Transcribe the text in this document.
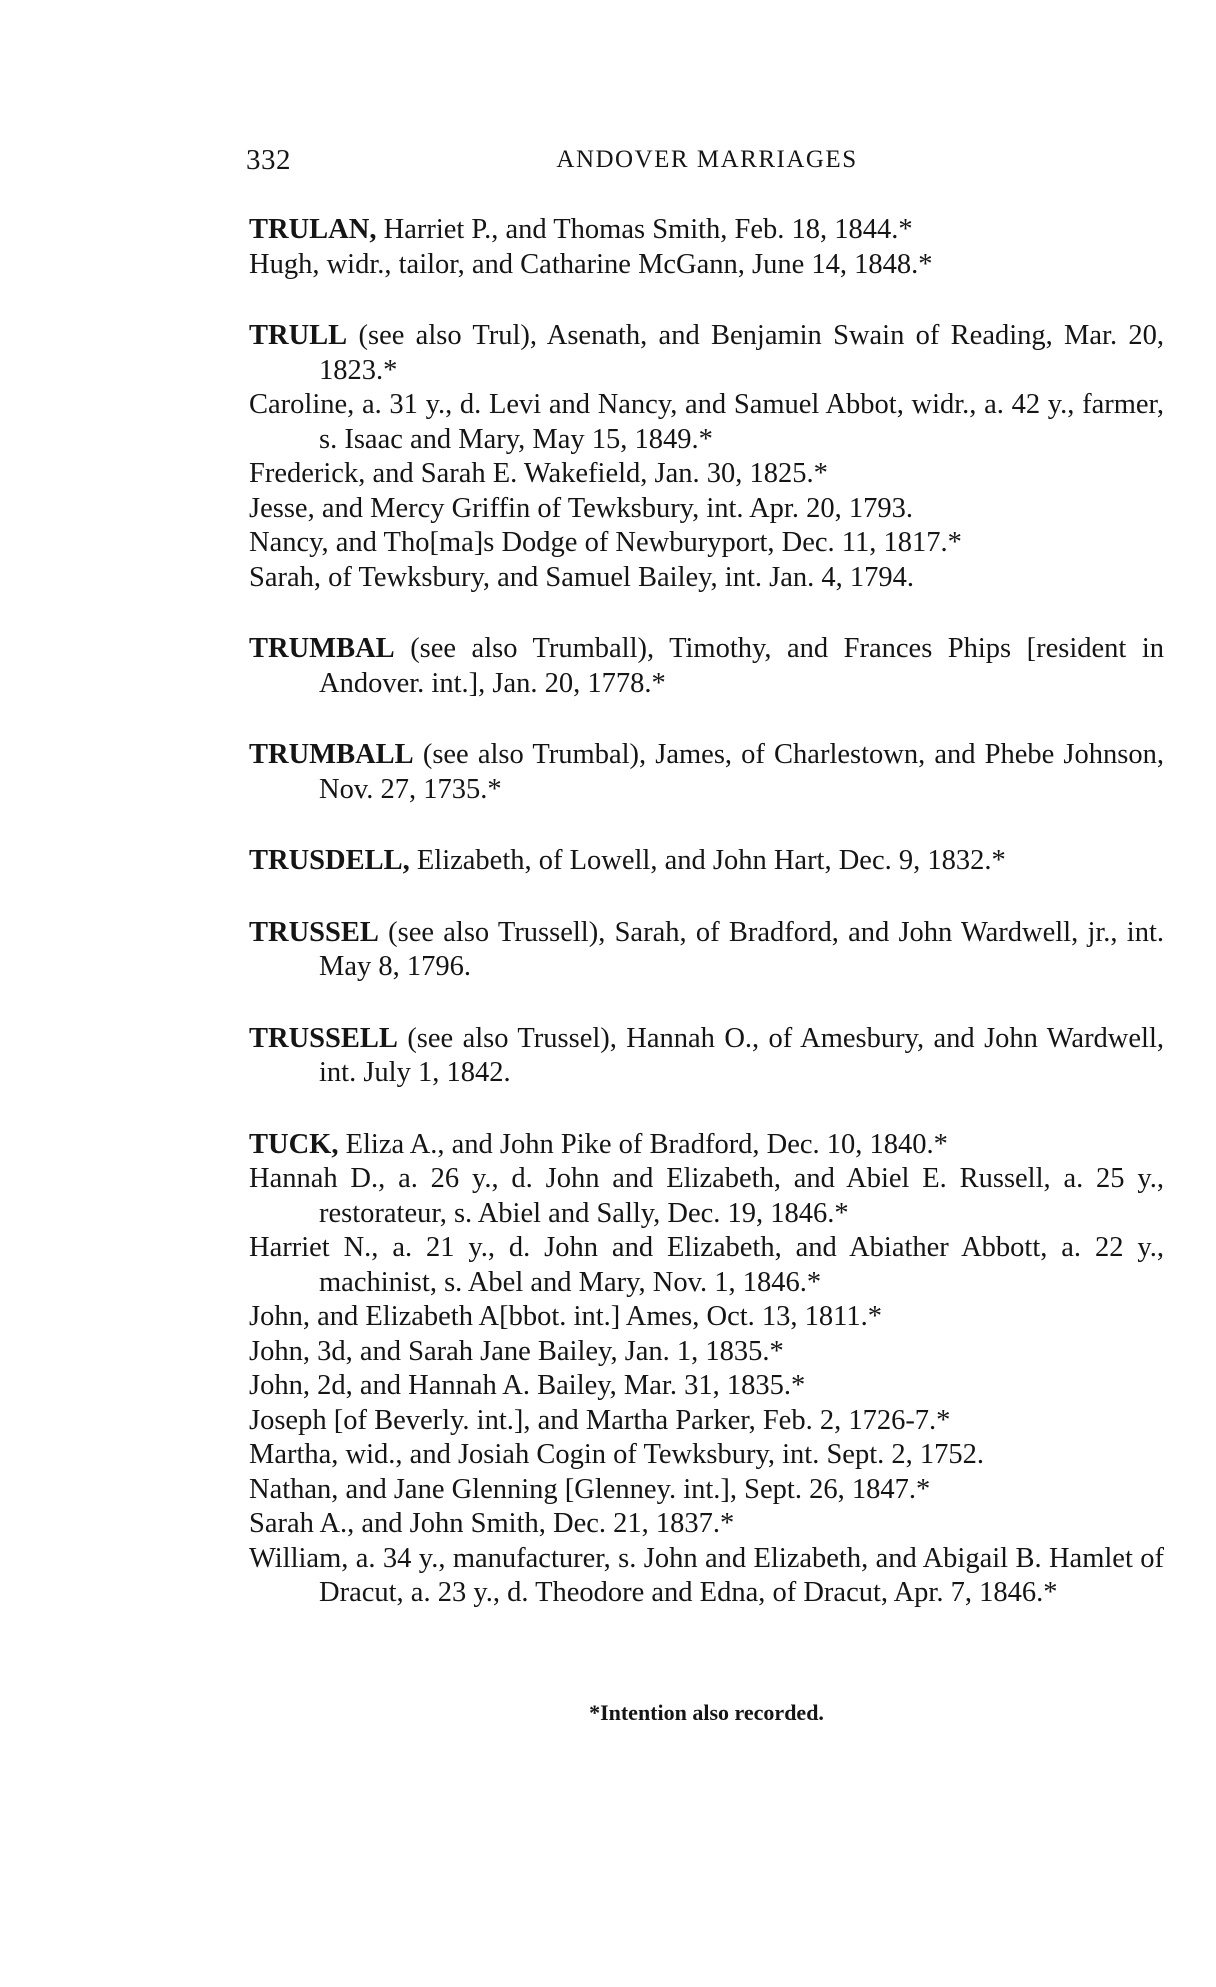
332	ANDOVER MARRIAGES
TRULAN, Harriet P., and Thomas Smith, Feb. 18, 1844.*
Hugh, widr., tailor, and Catharine McGann, June 14, 1848.*
TRULL (see also Trul), Asenath, and Benjamin Swain of Reading, Mar. 20, 1823.*
Caroline, a. 31 y., d. Levi and Nancy, and Samuel Abbot, widr., a. 42 y., farmer, s. Isaac and Mary, May 15, 1849.*
Frederick, and Sarah E. Wakefield, Jan. 30, 1825.*
Jesse, and Mercy Griffin of Tewksbury, int. Apr. 20, 1793.
Nancy, and Tho[ma]s Dodge of Newburyport, Dec. 11, 1817.*
Sarah, of Tewksbury, and Samuel Bailey, int. Jan. 4, 1794.
TRUMBAL (see also Trumball), Timothy, and Frances Phips [resident in Andover. int.], Jan. 20, 1778.*
TRUMBALL (see also Trumbal), James, of Charlestown, and Phebe Johnson, Nov. 27, 1735.*
TRUSDELL, Elizabeth, of Lowell, and John Hart, Dec. 9, 1832.*
TRUSSEL (see also Trussell), Sarah, of Bradford, and John Wardwell, jr., int. May 8, 1796.
TRUSSELL (see also Trussel), Hannah O., of Amesbury, and John Wardwell, int. July 1, 1842.
TUCK, Eliza A., and John Pike of Bradford, Dec. 10, 1840.*
Hannah D., a. 26 y., d. John and Elizabeth, and Abiel E. Russell, a. 25 y., restorateur, s. Abiel and Sally, Dec. 19, 1846.*
Harriet N., a. 21 y., d. John and Elizabeth, and Abiather Abbott, a. 22 y., machinist, s. Abel and Mary, Nov. 1, 1846.*
John, and Elizabeth A[bbot. int.] Ames, Oct. 13, 1811.*
John, 3d, and Sarah Jane Bailey, Jan. 1, 1835.*
John, 2d, and Hannah A. Bailey, Mar. 31, 1835.*
Joseph [of Beverly. int.], and Martha Parker, Feb. 2, 1726-7.*
Martha, wid., and Josiah Cogin of Tewksbury, int. Sept. 2, 1752.
Nathan, and Jane Glenning [Glenney. int.], Sept. 26, 1847.*
Sarah A., and John Smith, Dec. 21, 1837.*
William, a. 34 y., manufacturer, s. John and Elizabeth, and Abigail B. Hamlet of Dracut, a. 23 y., d. Theodore and Edna, of Dracut, Apr. 7, 1846.*
*Intention also recorded.
